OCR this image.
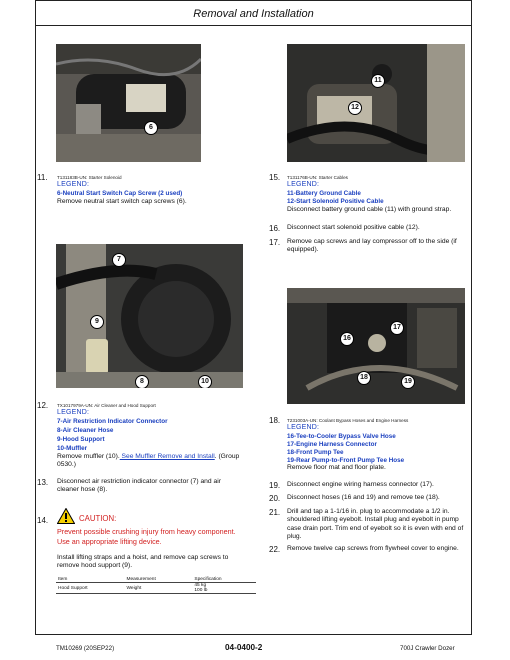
Removal and Installation
6
11
12
11. T131183B-UN: Starter Solenoid
LEGEND:
6-Neutral Start Switch Cap Screw (2 used)
Remove neutral start switch cap screws (6).
15. T131176B-UN: Starter Cables
LEGEND:
11-Battery Ground Cable
12-Start Solenoid Positive Cable
Disconnect battery ground cable (11) with ground strap.
16. Disconnect start solenoid positive cable (12).
17. Remove cap screws and lay compressor off to the side (if
equipped).
7
9
8	10
17
16
18
19
12. TX1017979A-UN: Air Cleaner and Hood Support
LEGEND:
7-Air Restriction Indicator Connector
8-Air Cleaner Hose
9-Hood Support
10-Muffler
Remove muffler (10). See Muffler Remove and Install. (Group
0530.)
18. T231003A-UN: Coolant Bypass Hoses and Engine Harness
LEGEND:
16-Tee-to-Cooler Bypass Valve Hose
17-Engine Harness Connector
18-Front Pump Tee
19-Rear Pump-to-Front Pump Tee Hose
Remove floor mat and floor plate.
13. Disconnect air restriction indicator connector (7) and air
cleaner hose (8).	19. Disconnect engine wiring harness connector (17).
20. Disconnect hoses (16 and 19) and remove tee (18).
21. Drill and tap a 1-1/16 in. plug to accommodate a 1/2 in.
shouldered lifting eyebolt. Install plug and eyebolt in pump
case drain port. Trim end of eyebolt so it is even with end of
plug.
22. Remove twelve cap screws from flywheel cover to engine.
14.	CAUTION:
Prevent possible crushing injury from heavy component.
Use an appropriate lifting device.
Install lifting straps and a hoist, and remove cap screws to
remove hood support (9).
Item	Measurement	Specification
Hood Support	Weight	45 kg
100 lb
TM10269 (20SEP22)	04-0400-2	700J Crawler Dozer
